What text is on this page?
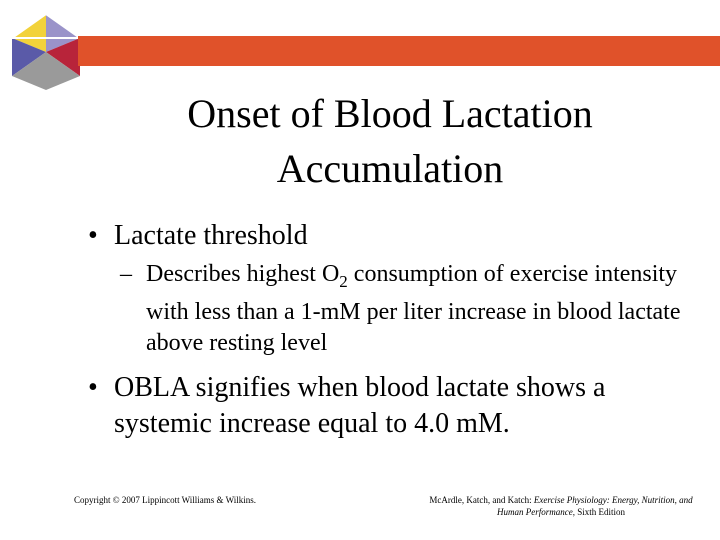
Onset of Blood Lactation
Accumulation
• Lactate threshold
– Describes highest $O_2$ consumption of exercise intensity with less than a 1-mM per liter increase in blood lactate above resting level
• OBLA signifies when blood lactate shows a systemic increase equal to 4.0 mM.
Copyright © 2007 Lippincott Williams & Wilkins.	McArdle, Katch, and Katch: Exercise Physiology: Energy, Nutrition, and Human Performance, Sixth Edition
